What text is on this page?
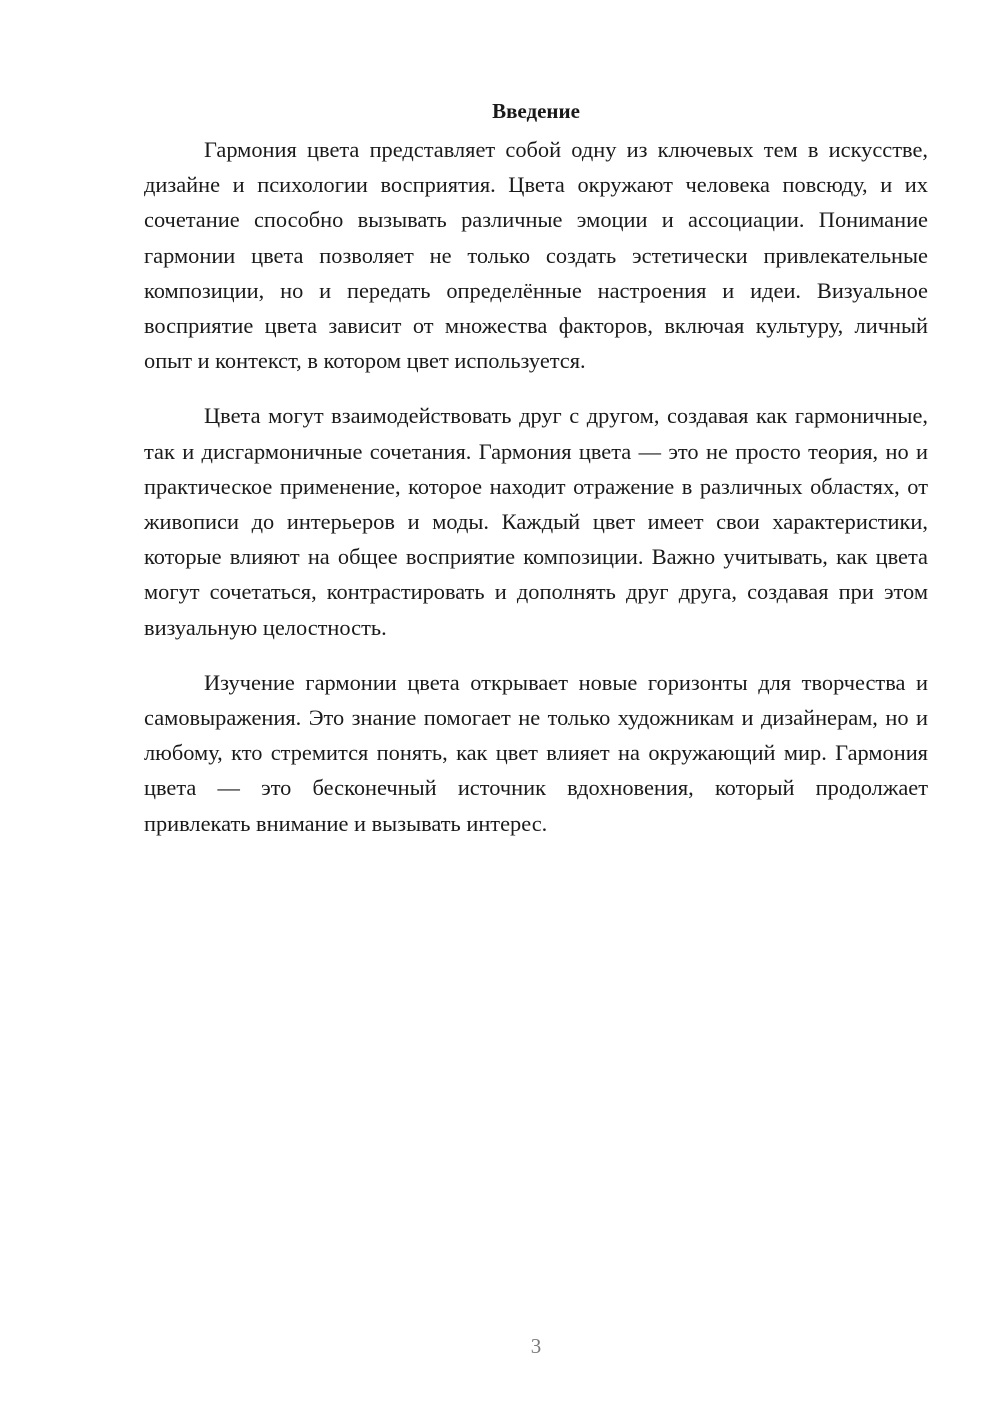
Введение

Гармония цвета представляет собой одну из ключевых тем в искусстве, дизайне и психологии восприятия. Цвета окружают человека повсюду, и их сочетание способно вызывать различные эмоции и ассоциации. Понимание гармонии цвета позволяет не только создать эстетически привлекательные композиции, но и передать определённые настроения и идеи. Визуальное восприятие цвета зависит от множества факторов, включая культуру, личный опыт и контекст, в котором цвет используется.

Цвета могут взаимодействовать друг с другом, создавая как гармоничные, так и дисгармоничные сочетания. Гармония цвета — это не просто теория, но и практическое применение, которое находит отражение в различных областях, от живописи до интерьеров и моды. Каждый цвет имеет свои характеристики, которые влияют на общее восприятие композиции. Важно учитывать, как цвета могут сочетаться, контрастировать и дополнять друг друга, создавая при этом визуальную целостность.

Изучение гармонии цвета открывает новые горизонты для творчества и самовыражения. Это знание помогает не только художникам и дизайнерам, но и любому, кто стремится понять, как цвет влияет на окружающий мир. Гармония цвета — это бесконечный источник вдохновения, который продолжает привлекать внимание и вызывать интерес.

3
